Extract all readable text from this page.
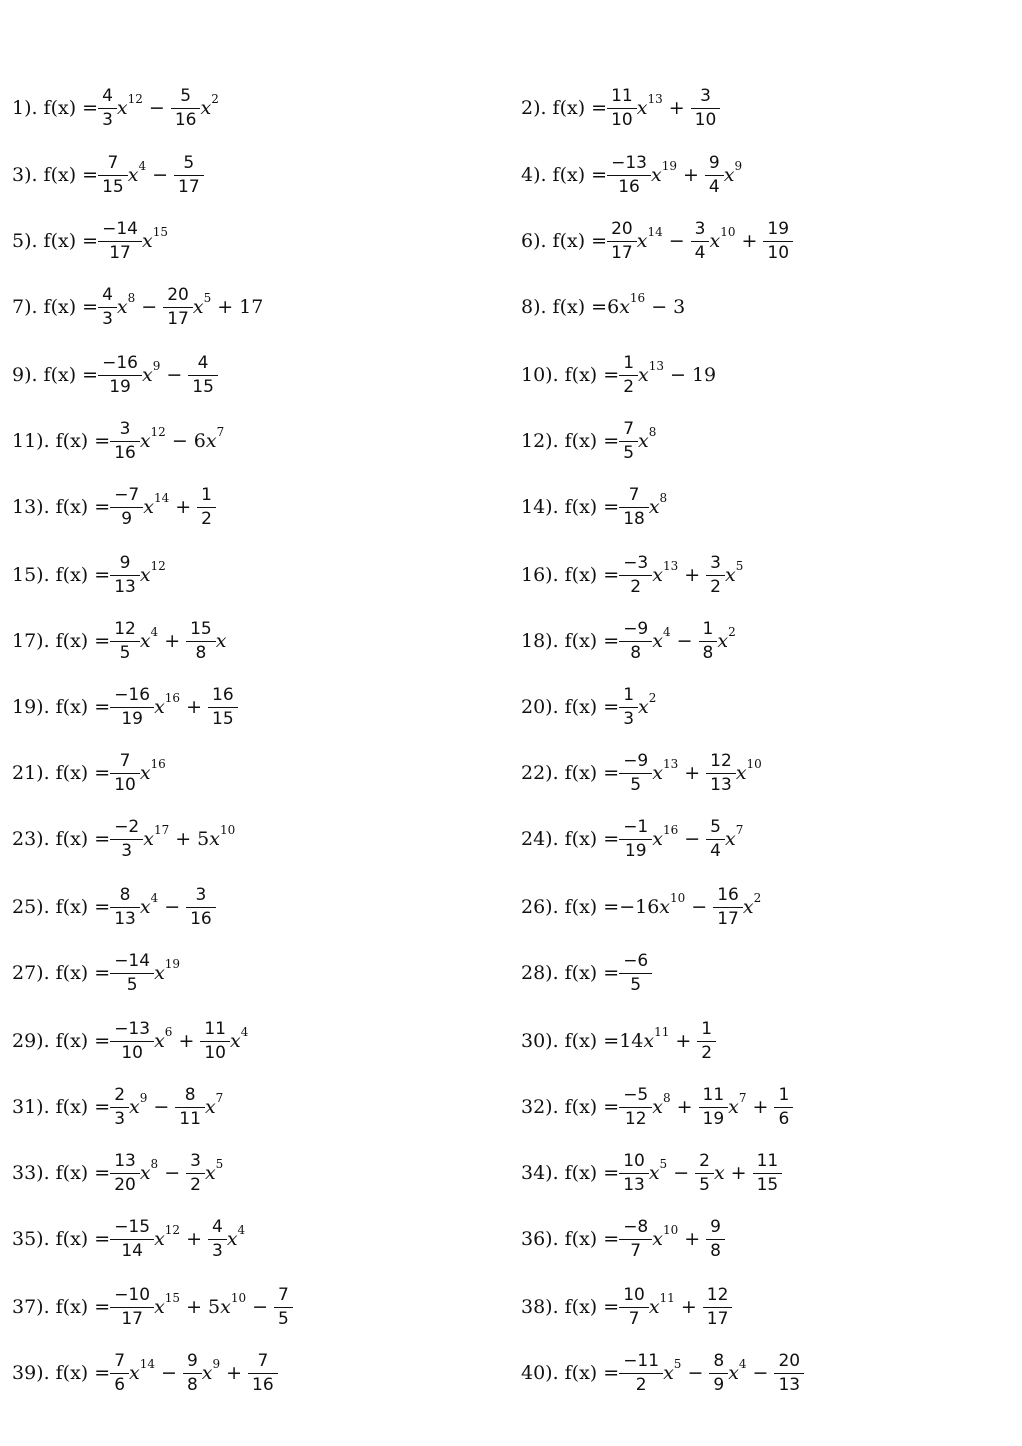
1). $f(x) = \frac{4}{3} x^{12} - \frac{5}{16} x^2$	2). $f(x) = \frac{11}{10} x^{13} + \frac{3}{10}$
3). $f(x) = \frac{7}{15} x^4 - \frac{5}{17}$	4). $f(x) = \frac{-13}{16} x^{19} + \frac{9}{4} x^9$
5). $f(x) = \frac{-14}{17} x^{15}$	6). $f(x) = \frac{20}{17} x^{14} - \frac{3}{4} x^{10} + \frac{19}{10}$
7). $f(x) = \frac{4}{3} x^8 - \frac{20}{17} x^5 + 17$	8). f(x) = 6 $x^{16} - 3$
9). $f(x) = \frac{-16}{19} x^9 - \frac{4}{15}$	10). $f(x) = \frac{1}{2} x^{13} - 19$
11). $f(x) = \frac{3}{16} x^{12} - 6$ $x^7$	12). $f(x) = \frac{7}{5} x^8$
13). $f(x) = \frac{-7}{9} x^{14} + \frac{1}{2}$	14). $f(x) = \frac{7}{18} x^8$
15). $f(x) = \frac{9}{13} x^{12}$	16). $f(x) = \frac{-3}{2} x^{13} + \frac{3}{2} x^5$
17). $f(x) = \frac{12}{5} x^4 + \frac{15}{8}$ x	18). $f(x) = \frac{-9}{8} x^4 - \frac{1}{8} x^2$
19). $f(x) = \frac{-16}{19} x^{16} + \frac{16}{15}$	20). $f(x) = \frac{1}{3} x^2$
21). $f(x) = \frac{7}{10} x^{16}$	22). $f(x) = \frac{-9}{5} x^{13} + \frac{12}{13} x^{10}$
23). $f(x) = \frac{-2}{3} x^{17} + 5$ $x^{10}$	24). $f(x) = \frac{-1}{19} x^{16} - \frac{5}{4} x^7$
25). $f(x) = \frac{8}{13} x^4 - \frac{3}{16}$	26). f(x) = −16 $x^{10} - \frac{16}{17} x^2$
27). $f(x) = \frac{-14}{5} x^{19}$	28). $f(x) = \frac{-6}{5}$
29). $f(x) = \frac{-13}{10} x^6 + \frac{11}{10} x^4$	30). f(x) = 14 $x^{11} + \frac{1}{2}$
31). $f(x) = \frac{2}{3} x^9 - \frac{8}{11} x^7$	32). $f(x) = \frac{-5}{12} x^8 + \frac{11}{19} x^7 + \frac{1}{6}$
33). $f(x) = \frac{13}{20} x^8 - \frac{3}{2} x^5$	34). $f(x) = \frac{10}{13} x^5 - \frac{2}{5}$ $x + \frac{11}{15}$
35). $f(x) = \frac{-15}{14} x^{12} + \frac{4}{3} x^4$	36). $f(x) = \frac{-8}{7} x^{10} + \frac{9}{8}$
37). $f(x) = \frac{-10}{17} x^{15} + 5$ $x^{10} - \frac{7}{5}$	38). $f(x) = \frac{10}{7} x^{11} + \frac{12}{17}$
39). $f(x) = \frac{7}{6} x^{14} - \frac{9}{8} x^9 + \frac{7}{16}$	40). $f(x) = \frac{-11}{2} x^5 - \frac{8}{9} x^4 - \frac{20}{13}$
